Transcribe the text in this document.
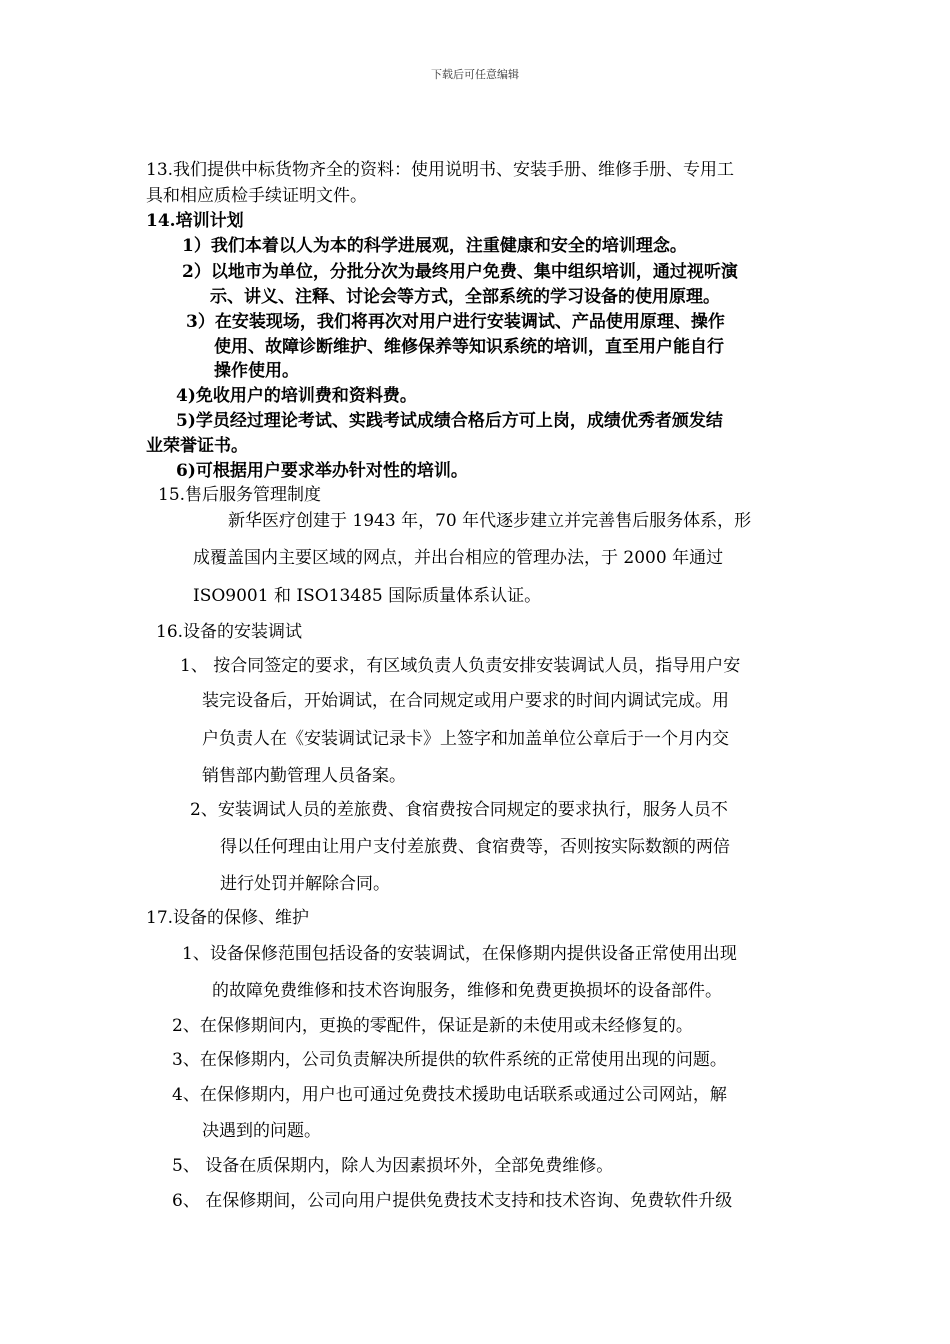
下载后可任意编辑
13.我们提供中标货物齐全的资料：使用说明书、安装手册、维修手册、专用工
具和相应质检手续证明文件。
14.培训计划
1）我们本着以人为本的科学进展观，注重健康和安全的培训理念。
2）以地市为单位，分批分次为最终用户免费、集中组织培训，通过视听演
示、讲义、注释、讨论会等方式，全部系统的学习设备的使用原理。
3）在安装现场，我们将再次对用户进行安装调试、产品使用原理、操作
使用、故障诊断维护、维修保养等知识系统的培训，直至用户能自行
操作使用。
4)免收用户的培训费和资料费。
5)学员经过理论考试、实践考试成绩合格后方可上岗，成绩优秀者颁发结
业荣誉证书。
6)可根据用户要求举办针对性的培训。
15.售后服务管理制度
新华医疗创建于 1943 年，70 年代逐步建立并完善售后服务体系，形
成覆盖国内主要区域的网点，并出台相应的管理办法，于 2000 年通过
ISO9001 和 ISO13485 国际质量体系认证。
16.设备的安装调试
1、 按合同签定的要求，有区域负责人负责安排安装调试人员，指导用户安
装完设备后，开始调试，在合同规定或用户要求的时间内调试完成。用
户负责人在《安装调试记录卡》上签字和加盖单位公章后于一个月内交
销售部内勤管理人员备案。
2、安装调试人员的差旅费、食宿费按合同规定的要求执行，服务人员不
得以任何理由让用户支付差旅费、食宿费等，否则按实际数额的两倍
进行处罚并解除合同。
17.设备的保修、维护
1、设备保修范围包括设备的安装调试，在保修期内提供设备正常使用出现
的故障免费维修和技术咨询服务，维修和免费更换损坏的设备部件。
2、在保修期间内，更换的零配件，保证是新的未使用或未经修复的。
3、在保修期内，公司负责解决所提供的软件系统的正常使用出现的问题。
4、在保修期内，用户也可通过免费技术援助电话联系或通过公司网站，解
决遇到的问题。
5、 设备在质保期内，除人为因素损坏外，全部免费维修。
6、 在保修期间，公司向用户提供免费技术支持和技术咨询、免费软件升级
